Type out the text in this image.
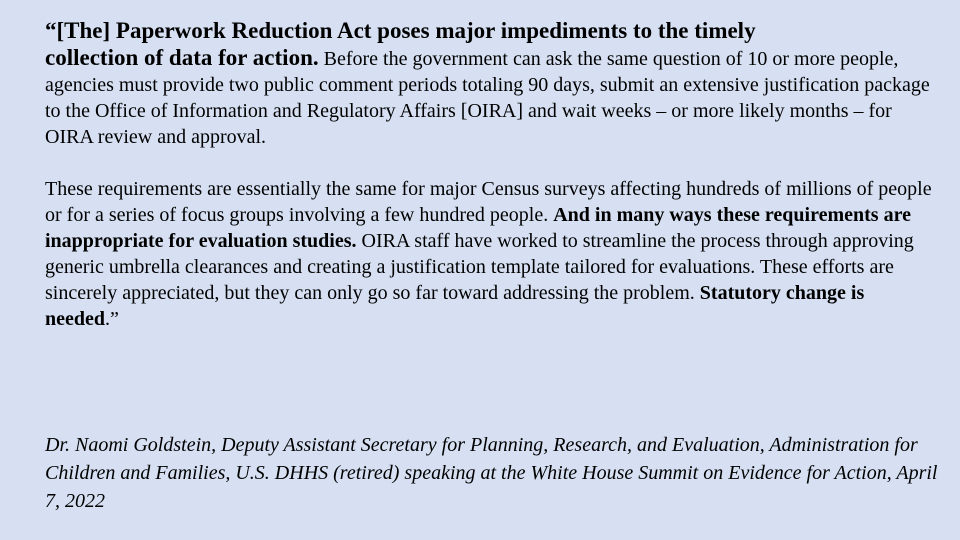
“[The] Paperwork Reduction Act poses major impediments to the timely
collection of data for action. Before the government can ask the same question of 10 or more people, agencies must provide two public comment periods totaling 90 days, submit an extensive justification package to the Office of Information and Regulatory Affairs [OIRA] and wait weeks – or more likely months – for OIRA review and approval.

These requirements are essentially the same for major Census surveys affecting hundreds of millions of people or for a series of focus groups involving a few hundred people. And in many ways these requirements are inappropriate for evaluation studies. OIRA staff have worked to streamline the process through approving generic umbrella clearances and creating a justification template tailored for evaluations. These efforts are sincerely appreciated, but they can only go so far toward addressing the problem. Statutory change is needed.”

Dr. Naomi Goldstein, Deputy Assistant Secretary for Planning, Research, and Evaluation, Administration for Children and Families, U.S. DHHS (retired) speaking at the White House Summit on Evidence for Action, April 7, 2022
